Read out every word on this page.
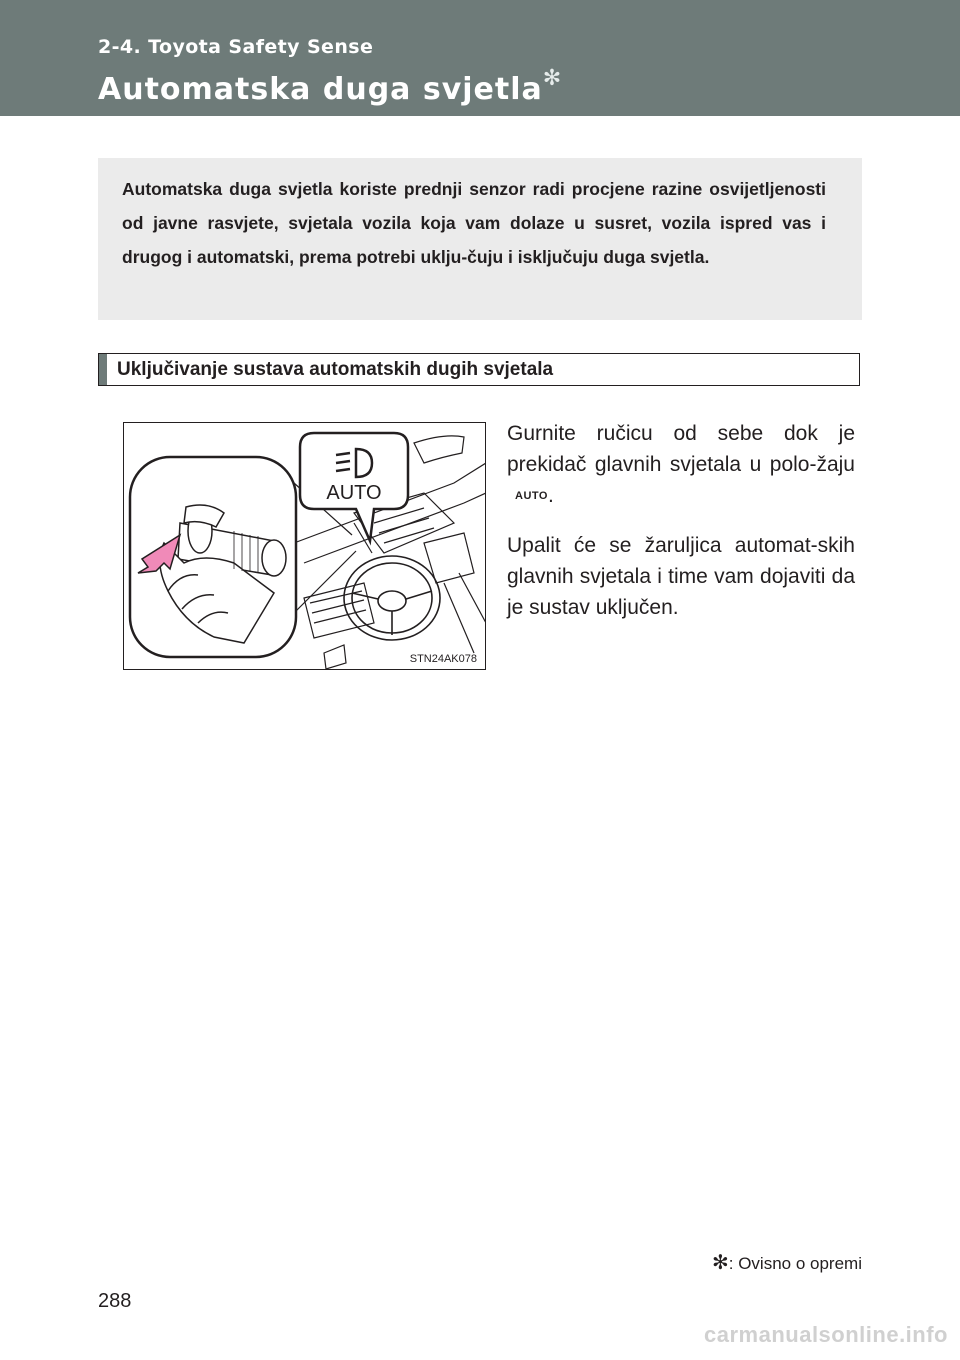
2-4. Toyota Safety Sense
Automatska duga svjetla✻

Automatska duga svjetla koriste prednji senzor radi procjene razine osvijetljenosti od javne rasvjete, svjetala vozila koja vam dolaze u susret, vozila ispred vas i drugog i automatski, prema potrebi uklju-čuju i isključuju duga svjetla.

Uključivanje sustava automatskih dugih svjetala
AUTO
STN24AK078

Gurnite ručicu od sebe dok je prekidač glavnih svjetala u polo-žajuAUTO.

Upalit će se žaruljica automat-skih glavnih svjetala i time vam dojaviti da je sustav uključen.

✻: Ovisno o opremi
288
carmanualsonline.info
